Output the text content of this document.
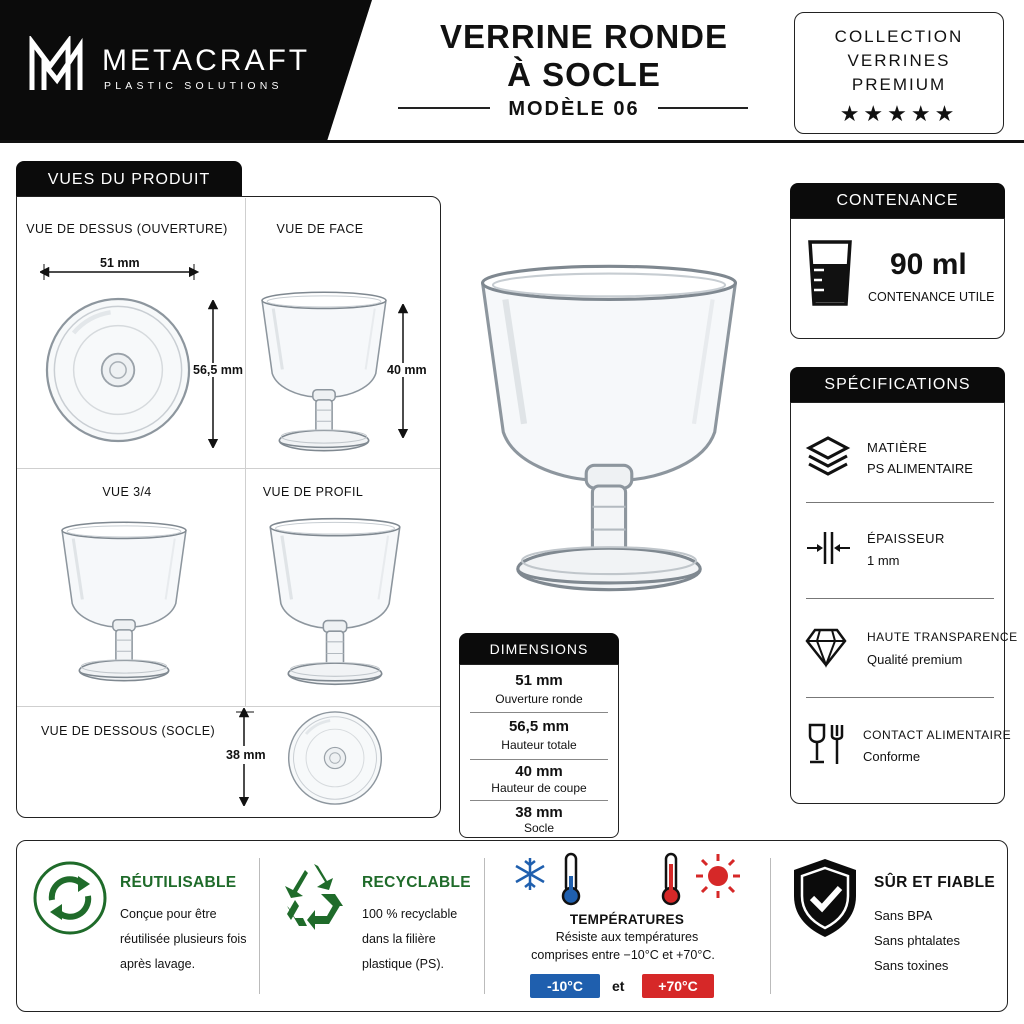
METACRAFT
PLASTIC SOLUTIONS
VERRINE RONDE
À SOCLE
MODÈLE 06
COLLECTION
VERRINES
PREMIUM
★★★★★
VUES DU PRODUIT
VUE DE DESSUS (OUVERTURE)
51 mm
56,5 mm
VUE DE FACE
40 mm
VUE 3/4	VUE DE PROFIL
VUE DE DESSOUS (SOCLE)
38 mm
DIMENSIONS
51 mm
Ouverture ronde
56,5 mm
Hauteur totale
40 mm
Hauteur de coupe
38 mm
Socle
CONTENANCE
90 ml
CONTENANCE UTILE
SPÉCIFICATIONS
MATIÈRE
PS ALIMENTAIRE
ÉPAISSEUR
1 mm
HAUTE TRANSPARENCE
Qualité premium
CONTACT ALIMENTAIRE
Conforme
RÉUTILISABLE
Conçue pour être
réutilisée plusieurs fois
après lavage.
RECYCLABLE
100 % recyclable
dans la filière
plastique (PS).
TEMPÉRATURES
Résiste aux températures
comprises entre −10°C et +70°C.
-10°C	et	+70°C
SÛR ET FIABLE
Sans BPA
Sans phtalates
Sans toxines
